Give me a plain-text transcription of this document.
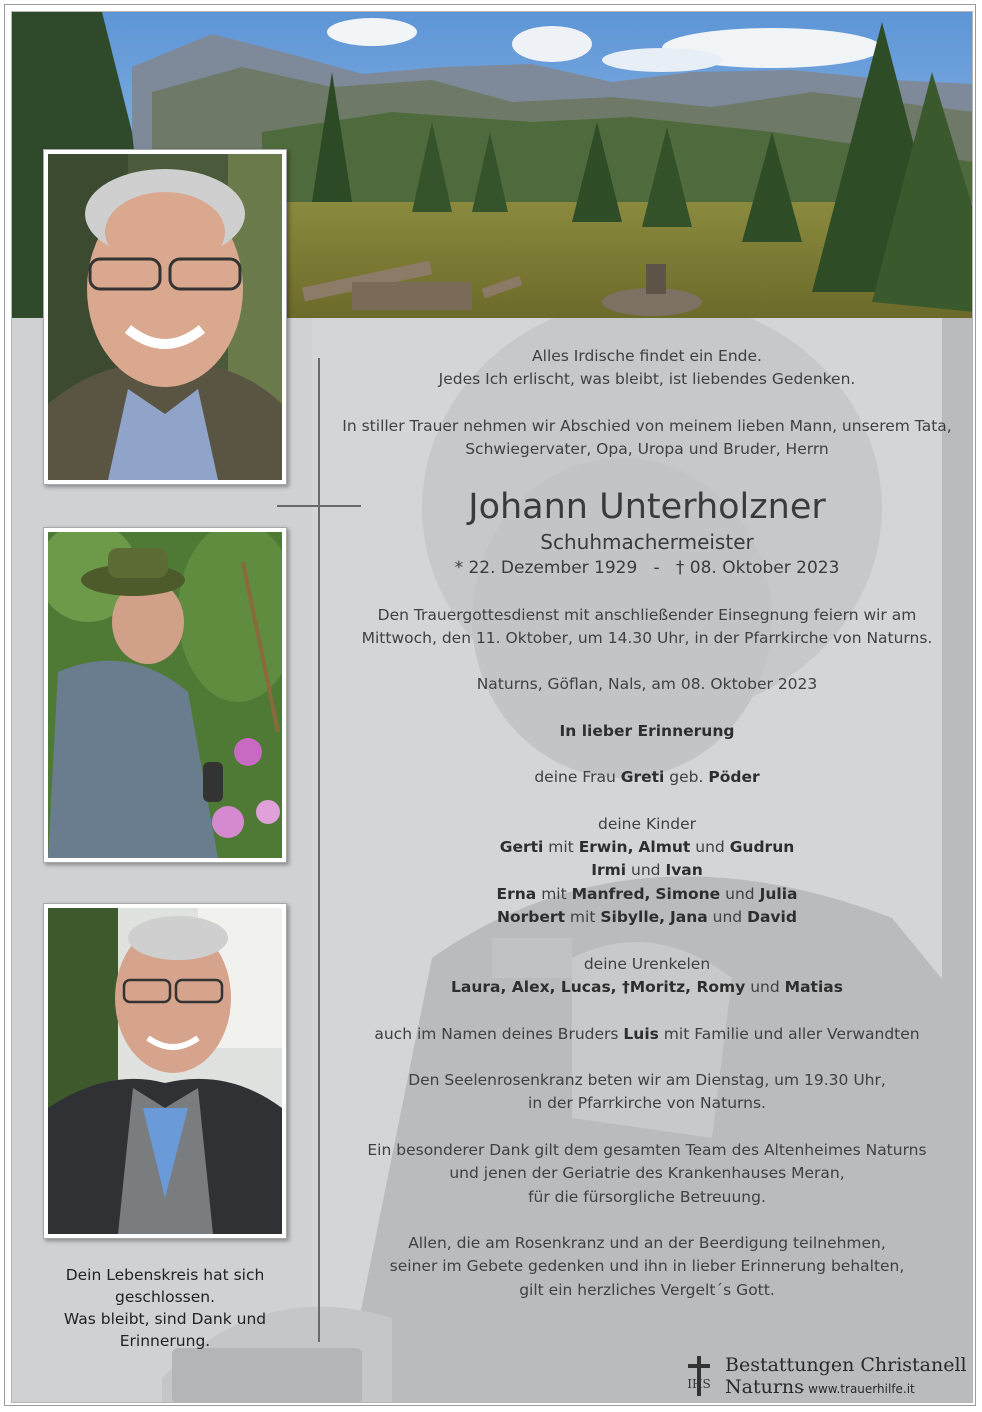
Alles Irdische findet ein Ende.

Jedes Ich erlischt, was bleibt, ist liebendes Gedenken.

In stiller Trauer nehmen wir Abschied von meinem lieben Mann, unserem Tata,

Schwiegervater, Opa, Uropa und Bruder, Herrn

Johann Unterholzner

Schuhmachermeister

* 22. Dezember 1929   -   † 08. Oktober 2023

Den Trauergottesdienst mit anschließender Einsegnung feiern wir am

Mittwoch, den 11. Oktober, um 14.30 Uhr, in der Pfarrkirche von Naturns.

Naturns, Göflan, Nals, am 08. Oktober 2023

In lieber Erinnerung

deine Frau Greti geb. Pöder

deine Kinder

Gerti mit Erwin, Almut und Gudrun

Irmi und Ivan

Erna mit Manfred, Simone und Julia

Norbert mit Sibylle, Jana und David

deine Urenkelen

Laura, Alex, Lucas, †Moritz, Romy und Matias

auch im Namen deines Bruders Luis mit Familie und aller Verwandten

Den Seelenrosenkranz beten wir am Dienstag, um 19.30 Uhr,

in der Pfarrkirche von Naturns.

Ein besonderer Dank gilt dem gesamten Team des Altenheimes Naturns

und jenen der Geriatrie des Krankenhauses Meran,

für die fürsorgliche Betreuung.

Allen, die am Rosenkranz und an der Beerdigung teilnehmen,

seiner im Gebete gedenken und ihn in lieber Erinnerung behalten,

gilt ein herzliches Vergelt´s Gott.

Dein Lebenskreis hat sich
geschlossen.
Was bleibt, sind Dank und
Erinnerung.
IHS
Bestattungen Christanell
Naturns
- www.trauerhilfe.it
